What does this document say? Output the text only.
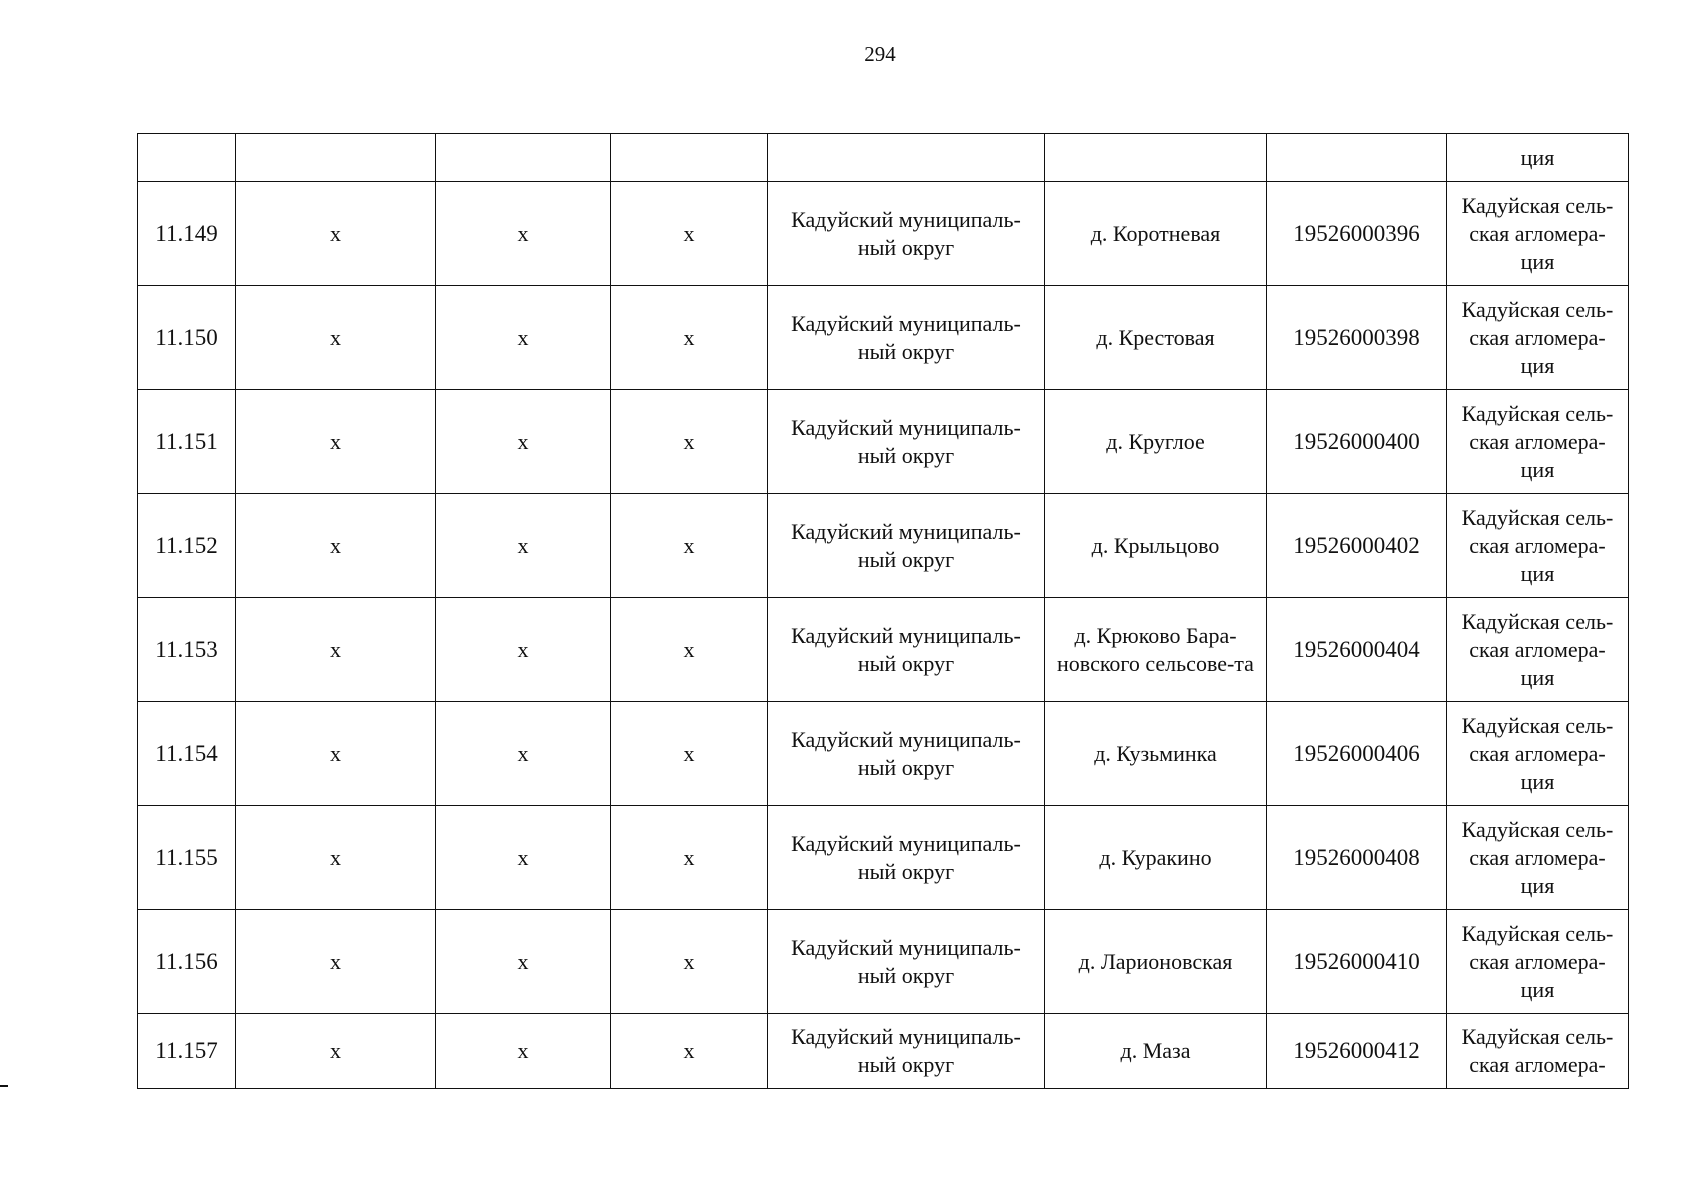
294
							ция
11.149	х	х	х	Кадуйский муниципаль-ный округ	д. Коротневая	19526000396	Кадуйская сель-ская агломера-ция
11.150	х	х	х	Кадуйский муниципаль-ный округ	д. Крестовая	19526000398	Кадуйская сель-ская агломера-ция
11.151	х	х	х	Кадуйский муниципаль-ный округ	д. Круглое	19526000400	Кадуйская сель-ская агломера-ция
11.152	х	х	х	Кадуйский муниципаль-ный округ	д. Крыльцово	19526000402	Кадуйская сель-ская агломера-ция
11.153	х	х	х	Кадуйский муниципаль-ный округ	д. Крюково Бара-новского сельсове-та	19526000404	Кадуйская сель-ская агломера-ция
11.154	х	х	х	Кадуйский муниципаль-ный округ	д. Кузьминка	19526000406	Кадуйская сель-ская агломера-ция
11.155	х	х	х	Кадуйский муниципаль-ный округ	д. Куракино	19526000408	Кадуйская сель-ская агломера-ция
11.156	х	х	х	Кадуйский муниципаль-ный округ	д. Ларионовская	19526000410	Кадуйская сель-ская агломера-ция
11.157	х	х	х	Кадуйский муниципаль-ный округ	д. Маза	19526000412	Кадуйская сель-ская агломера-
